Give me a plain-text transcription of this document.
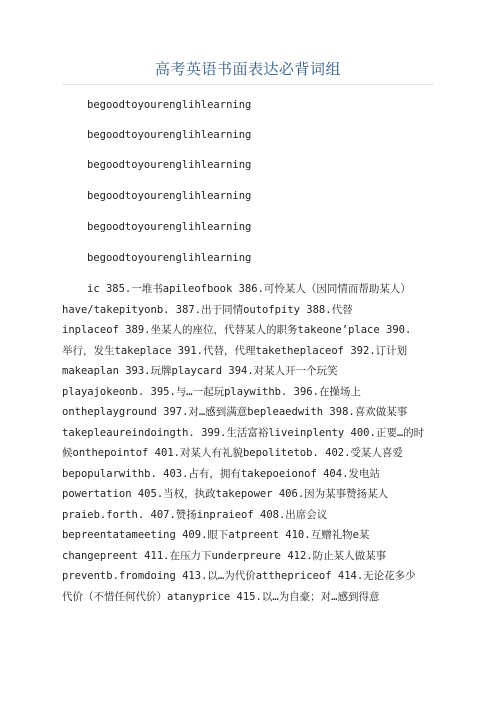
高考英语书面表达必背词组
begoodtoyourenglihlearning
begoodtoyourenglihlearning
begoodtoyourenglihlearning
begoodtoyourenglihlearning
begoodtoyourenglihlearning
begoodtoyourenglihlearning
ic 385.一堆书apileofbook 386.可怜某人（因同情而帮助某人）
have/takepityonb. 387.出于同情outofpity 388.代替
inplaceof 389.坐某人的座位，代替某人的职务takeone’place 390.
举行，发生takeplace 391.代替，代理taketheplaceof 392.订计划
makeaplan 393.玩牌playcard 394.对某人开一个玩笑
playajokeonb. 395.与…一起玩playwithb. 396.在操场上
ontheplayground 397.对…感到满意bepleaedwith 398.喜欢做某事
takepleaureindoingth. 399.生活富裕liveinplenty 400.正要…的时
候onthepointof 401.对某人有礼貌bepolitetob. 402.受某人喜爱
bepopularwithb. 403.占有，拥有takepoeionof 404.发电站
powertation 405.当权，执政takepower 406.因为某事赞扬某人
praieb.forth. 407.赞扬inpraieof 408.出席会议
bepreentatameeting 409.眼下atpreent 410.互赠礼物e某
changepreent 411.在压力下underpreure 412.防止某人做某事
preventb.fromdoing 413.以…为代价atthepriceof 414.无论花多少
代价（不惜任何代价）atanyprice 415.以…为自豪；对…感到得意
